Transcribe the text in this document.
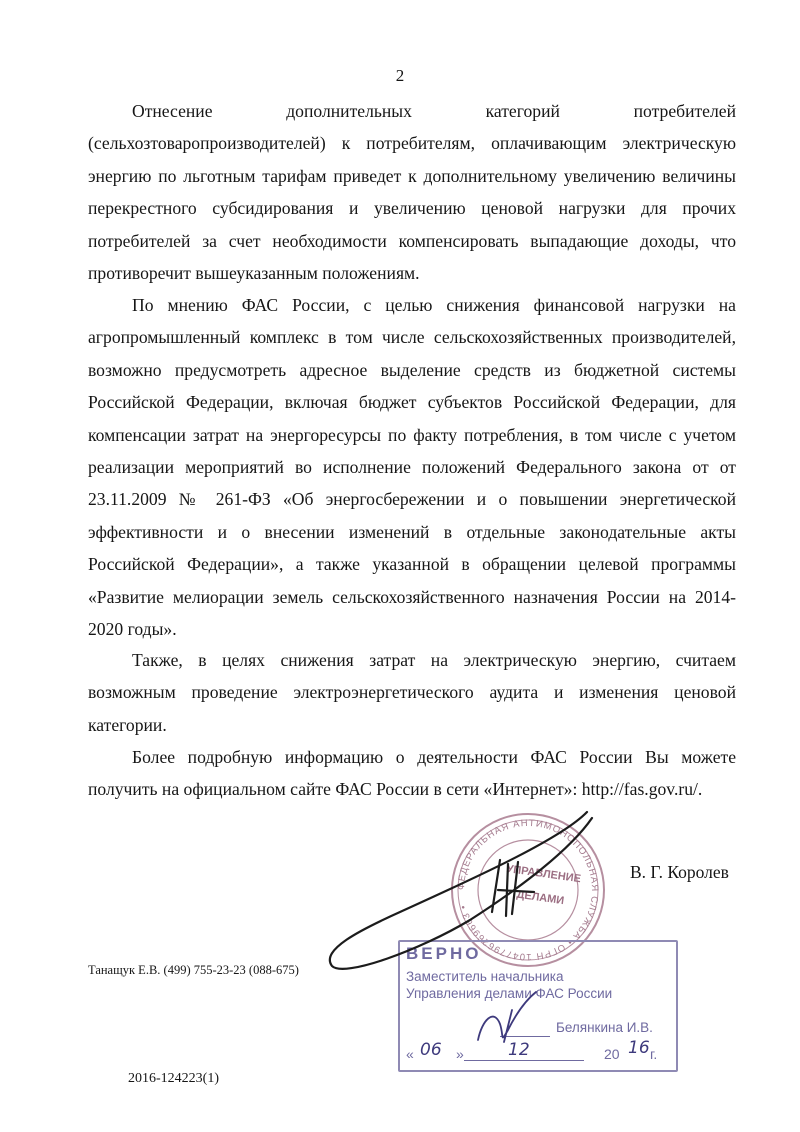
2

Отнесение дополнительных категорий потребителей (сельхозтоваропроизводителей) к потребителям, оплачивающим электрическую энергию по льготным тарифам приведет к дополнительному увеличению величины перекрестного субсидирования и увеличению ценовой нагрузки для прочих потребителей за счет необходимости компенсировать выпадающие доходы, что противоречит вышеуказанным положениям.

По мнению ФАС России, с целью снижения финансовой нагрузки на агропромышленный комплекс в том числе сельскохозяйственных производителей, возможно предусмотреть адресное выделение средств из бюджетной системы Российской Федерации, включая бюджет субъектов Российской Федерации, для компенсации затрат на энергоресурсы по факту потребления, в том числе с учетом реализации мероприятий во исполнение положений Федерального закона от от 23.11.2009 № 261-ФЗ «Об энергосбережении и о повышении энергетической эффективности и о внесении изменений в отдельные законодательные акты Российской Федерации», а также указанной в обращении целевой программы «Развитие мелиорации земель сельскохозяйственного назначения России на 2014-2020 годы».

Также, в целях снижения затрат на электрическую энергию, считаем возможным проведение электроэнергетического аудита и изменения ценовой категории.

Более подробную информацию о деятельности ФАС России Вы можете получить на официальном сайте ФАС России в сети «Интернет»: http://fas.gov.ru/.

ФЕДЕРАЛЬНАЯ АНТИМОНОПОЛЬНАЯ СЛУЖБА • ОГРН 1047796269663 •
УПРАВЛЕНИЕ ДЕЛАМИ
В. Г. Королев
Танащук Е.В. (499) 755-23-23 (088-675)
ВЕРНО
Заместитель начальника
Управления делами ФАС России
Белянкина И.В.
« 06 »	12	20 16 г.
2016-124223(1)
